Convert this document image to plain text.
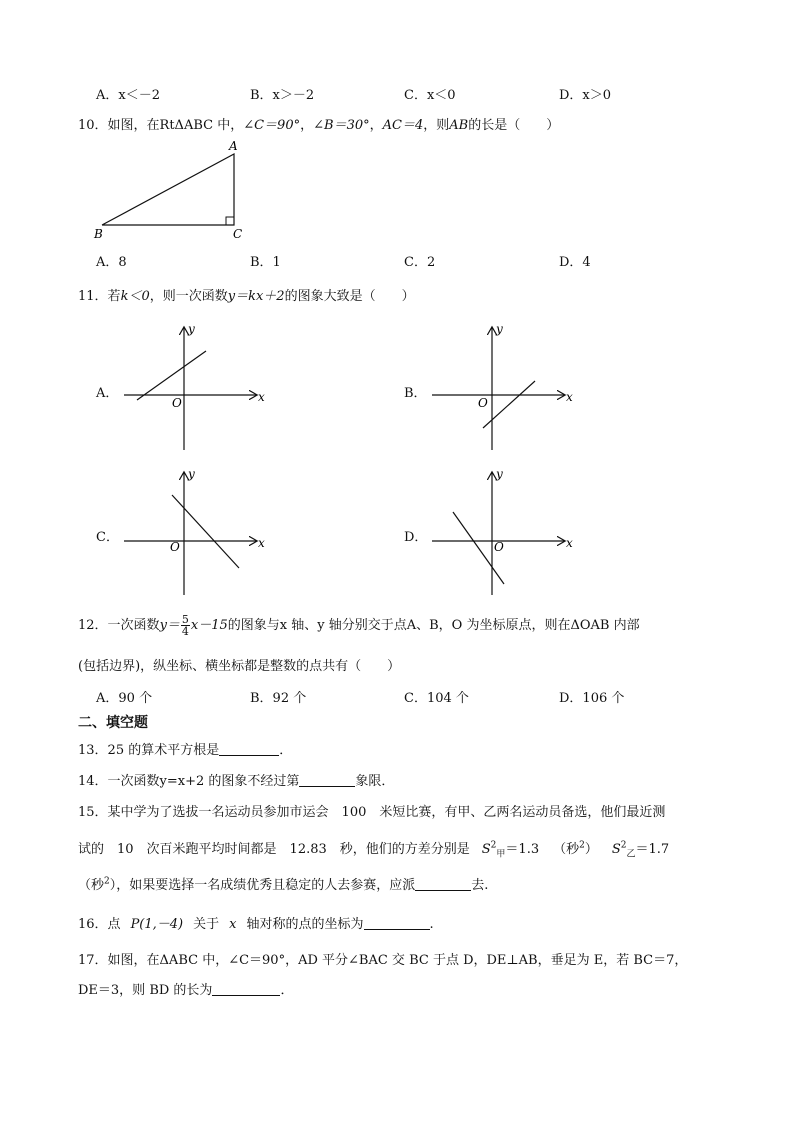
A．x＜－2	B．x＞－2	C．x＜0	D．x＞0
10．如图，在RtΔABC 中，∠C＝90°，∠B＝30°，AC＝4，则AB的长是（　　）
A
B	C
A．8	B．1	C．2	D．4
11．若k＜0，则一次函数y＝kx＋2的图象大致是（　　）
A．	x
y
O
B．	x
y
O
C．	x
y
O
D．	x
y
O
12．一次函数$y= \frac{5}{4} x-15$的图象与x 轴、y 轴分别交于点A、B，O 为坐标原点，则在ΔOAB 内部
(包括边界)，纵坐标、横坐标都是整数的点共有（　　）
A．90 个	B．92 个	C．104 个	D．106 个
二、填空题
13．25 的算术平方根是	．
14．一次函数y=x+2 的图象不经过第	象限．
15．某中学为了选拔一名运动员参加市运会　100　米短比赛，有甲、乙两名运动员备选，他们最近测
试的　10　次百米跑平均时间都是　12.83　秒，他们的方差分别是 $S^2_甲=1.3$ （秒$^2$） $S^2_乙=1.7$
（秒$^2$），如果要选择一名成绩优秀且稳定的人去参赛，应派	去.
16．点 P(1,－4) 关于 x 轴对称的点的坐标为	.
17．如图，在ΔABC 中，∠C＝90°，AD 平分∠BAC 交 BC 于点 D，DE⊥AB，垂足为 E，若 BC＝7，
DE＝3，则 BD 的长为	．
